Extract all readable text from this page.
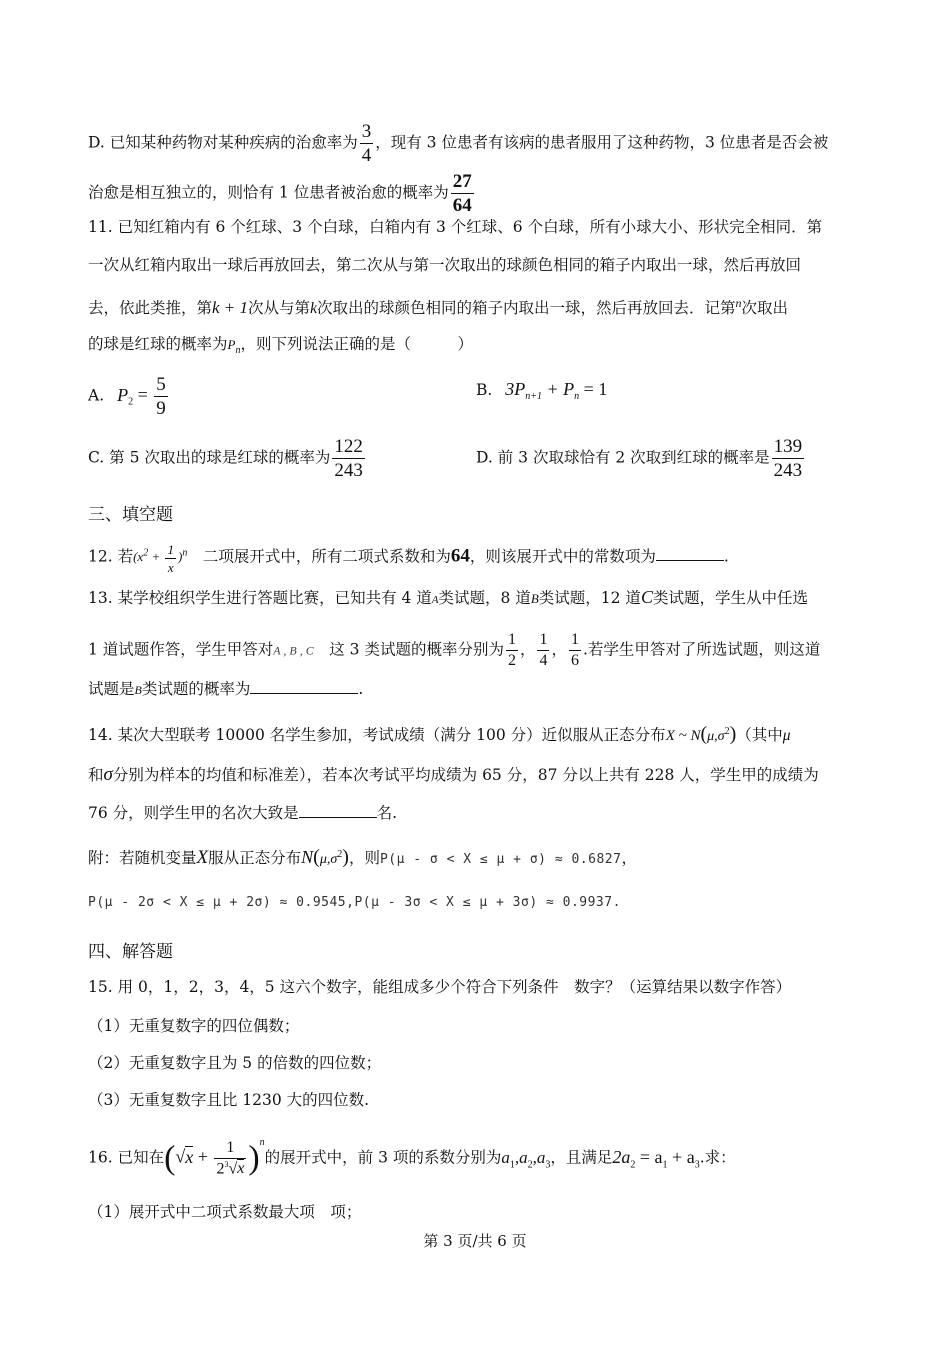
D. 已知某种药物对某种疾病的治愈率为 $\frac{3}{4}$ ，现有 3 位患者有该病的患者服用了这种药物，3 位患者是否会被
治愈是相互独立的，则恰有 1 位患者被治愈的概率为 $\frac{27}{64}$
11. 已知红箱内有 6 个红球、3 个白球，白箱内有 3 个红球、6 个白球，所有小球大小、形状完全相同．第
一次从红箱内取出一球后再放回去，第二次从与第一次取出的球颜色相同的箱子内取出一球，然后再放回
去，依此类推，第k + 1次从与第k次取出的球颜色相同的箱子内取出一球，然后再放回去．记第$^n$次取出
的球是红球的概率为$P_n$，则下列说法正确的是（　　　）
A. $P_2 = \frac{5}{9}$	B. $3P_{n+1} + P_n = 1$
C. 第 5 次取出的球是红球的概率为 $\frac{122}{243}$	D. 前 3 次取球恰有 2 次取到红球的概率是 $\frac{139}{243}$
三、填空题
12. 若$(x^2 + \frac{1}{x} )^n$　二项展开式中，所有二项式系数和为64，则该展开式中的常数项为	.
13. 某学校组织学生进行答题比赛，已知共有 4 道A类试题，8 道B类试题，12 道C类试题，学生从中任选
1 道试题作答，学生甲答对A , B , C　这 3 类试题的概率分别为 $\frac{1}{2}$ ， $\frac{1}{4}$ ， $\frac{1}{6}$ .若学生甲答对了所选试题，则这道
试题是B类试题的概率为	.
14. 某次大型联考 10000 名学生参加，考试成绩（满分 100 分）近似服从正态分布X ~ $N(\mu,\sigma^2)$（其中μ
和σ分别为样本的均值和标准差），若本次考试平均成绩为 65 分，87 分以上共有 228 人，学生甲的成绩为
76 分，则学生甲的名次大致是	名.
附：若随机变量X服从正态分布$N(\mu,\sigma^2)$，则P(μ - σ < X ≤ μ + σ) ≈ 0.6827，
P(μ - 2σ < X ≤ μ + 2σ) ≈ 0.9545,P(μ - 3σ < X ≤ μ + 3σ) ≈ 0.9937.
四、解答题
15. 用 0，1，2，3，4，5 这六个数字，能组成多少个符合下列条件　数字？（运算结果以数字作答）
（1）无重复数字的四位偶数；
（2）无重复数字且为 5 的倍数的四位数；
（3）无重复数字且比 1230 大的四位数.
16. 已知在$(√x + \frac{1}{2^3√x} )^n$的展开式中，前 3 项的系数分别为$a_1,a_2,a_3$，且满足$2a_2 = a_1 + a_3$.求：
（1）展开式中二项式系数最大项　项；
第 3 页/共 6 页
